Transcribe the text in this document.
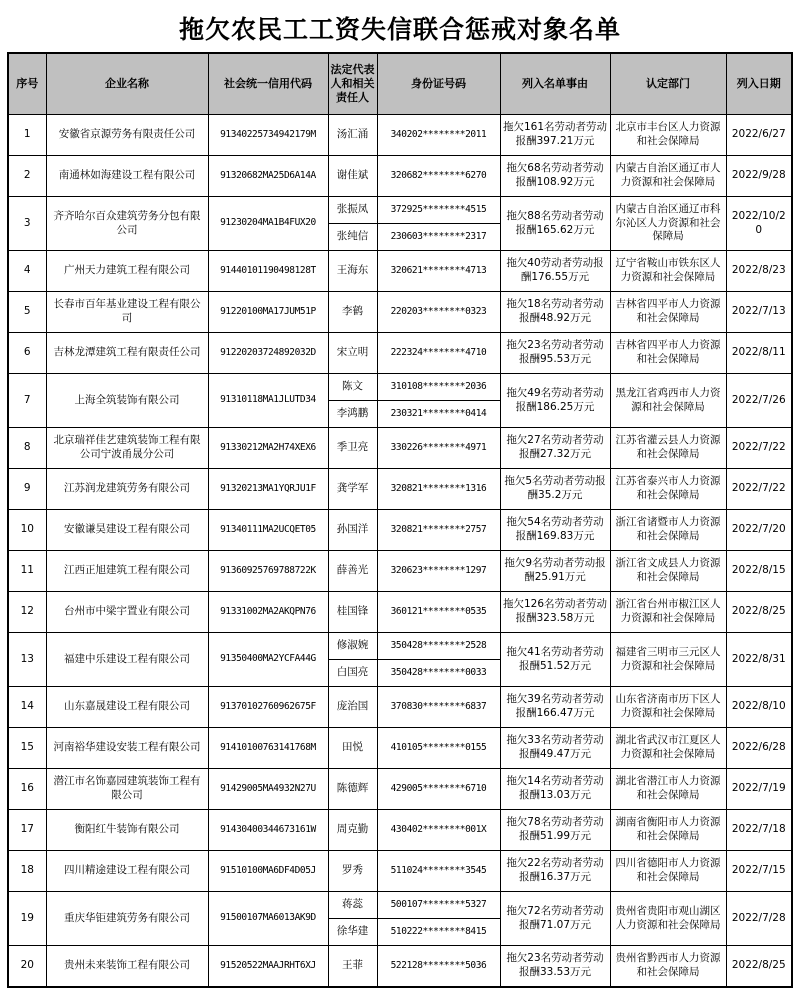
拖欠农民工工资失信联合惩戒对象名单
序号	企业名称	社会统一信用代码	法定代表人和相关责任人	身份证号码	列入名单事由	认定部门	列入日期
1	安徽省京源劳务有限责任公司	91340225734942179M	汤汇涌	340202********2011	拖欠161名劳动者劳动报酬397.21万元	北京市丰台区人力资源和社会保障局	2022/6/27
2	南通林如海建设工程有限公司	91320682MA25D6A14A	谢佳斌	320682********6270	拖欠68名劳动者劳动报酬108.92万元	内蒙古自治区通辽市人力资源和社会保障局	2022/9/28
3	齐齐哈尔百众建筑劳务分包有限公司	91230204MA1B4FUX20	张振凤	372925********4515	拖欠88名劳动者劳动报酬165.62万元	内蒙古自治区通辽市科尔沁区人力资源和社会保障局	2022/10/20
			张纯信	230603********2317			
4	广州天力建筑工程有限公司	91440101190498128T	王海东	320621********4713	拖欠40劳动者劳动报酬176.55万元	辽宁省鞍山市铁东区人力资源和社会保障局	2022/8/23
5	长春市百年基业建设工程有限公司	91220100MA17JUM51P	李鹤	220203********0323	拖欠18名劳动者劳动报酬48.92万元	吉林省四平市人力资源和社会保障局	2022/7/13
6	吉林龙潭建筑工程有限责任公司	91220203724892032D	宋立明	222324********4710	拖欠23名劳动者劳动报酬95.53万元	吉林省四平市人力资源和社会保障局	2022/8/11
7	上海全筑装饰有限公司	91310118MA1JLUTD34	陈文	310108********2036	拖欠49名劳动者劳动报酬186.25万元	黑龙江省鸡西市人力资源和社会保障局	2022/7/26
			李鸿鹏	230321********0414			
8	北京瑞祥佳艺建筑装饰工程有限公司宁波甬晟分公司	91330212MA2H74XEX6	季卫亮	330226********4971	拖欠27名劳动者劳动报酬27.32万元	江苏省灌云县人力资源和社会保障局	2022/7/22
9	江苏润龙建筑劳务有限公司	91320213MA1YQRJU1F	龚学军	320821********1316	拖欠5名劳动者劳动报酬35.2万元	江苏省泰兴市人力资源和社会保障局	2022/7/22
10	安徽谦昊建设工程有限公司	91340111MA2UCQET05	孙国洋	320821********2757	拖欠54名劳动者劳动报酬169.83万元	浙江省诸暨市人力资源和社会保障局	2022/7/20
11	江西正旭建筑工程有限公司	91360925769788722K	薛善光	320623********1297	拖欠9名劳动者劳动报酬25.91万元	浙江省文成县人力资源和社会保障局	2022/8/15
12	台州市中梁宇置业有限公司	91331002MA2AKQPN76	桂国锋	360121********0535	拖欠126名劳动者劳动报酬323.58万元	浙江省台州市椒江区人力资源和社会保障局	2022/8/25
13	福建中乐建设工程有限公司	91350400MA2YCFA44G	修淑婉	350428********2528	拖欠41名劳动者劳动报酬51.52万元	福建省三明市三元区人力资源和社会保障局	2022/8/31
			白国亮	350428********0033			
14	山东嘉晟建设工程有限公司	91370102760962675F	庞治国	370830********6837	拖欠39名劳动者劳动报酬166.47万元	山东省济南市历下区人力资源和社会保障局	2022/8/10
15	河南裕华建设安装工程有限公司	91410100763141768M	田悦	410105********0155	拖欠33名劳动者劳动报酬49.47万元	湖北省武汉市江夏区人力资源和社会保障局	2022/6/28
16	潜江市名饰嘉园建筑装饰工程有限公司	91429005MA4932N27U	陈德辉	429005********6710	拖欠14名劳动者劳动报酬13.03万元	湖北省潜江市人力资源和社会保障局	2022/7/19
17	衡阳红牛装饰有限公司	91430400344673161W	周克勤	430402********001X	拖欠78名劳动者劳动报酬51.99万元	湖南省衡阳市人力资源和社会保障局	2022/7/18
18	四川精途建设工程有限公司	91510100MA6DF4D05J	罗秀	511024********3545	拖欠22名劳动者劳动报酬16.37万元	四川省德阳市人力资源和社会保障局	2022/7/15
19	重庆华钜建筑劳务有限公司	91500107MA6013AK9D	蒋蕊	500107********5327	拖欠72名劳动者劳动报酬71.07万元	贵州省贵阳市观山湖区人力资源和社会保障局	2022/7/28
			徐华建	510222********8415			
20	贵州未来装饰工程有限公司	91520522MAAJRHT6XJ	王菲	522128********5036	拖欠23名劳动者劳动报酬33.53万元	贵州省黔西市人力资源和社会保障局	2022/8/25
